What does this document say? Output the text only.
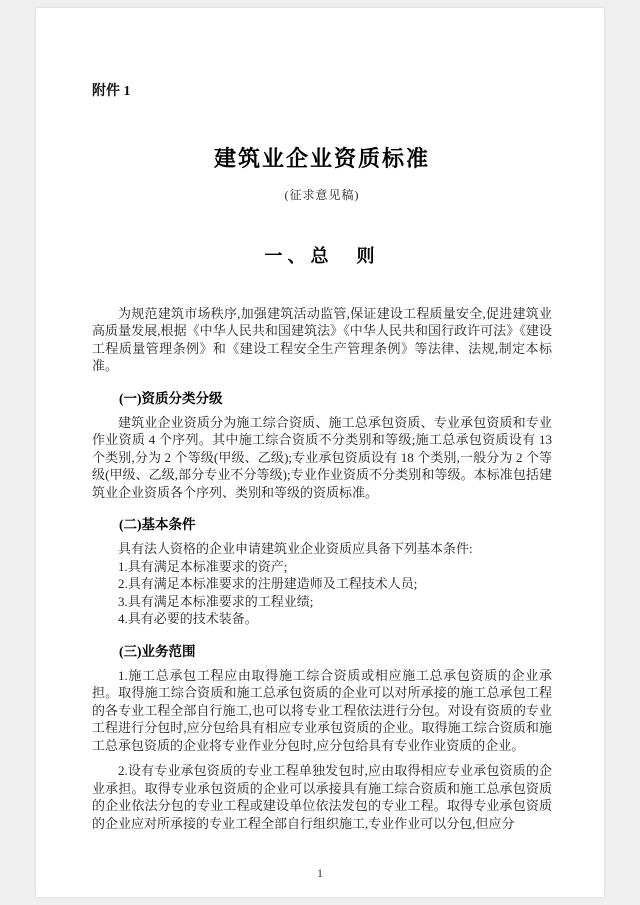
附件 1
建筑业企业资质标准
(征求意见稿)
一、总　则

为规范建筑市场秩序,加强建筑活动监管,保证建设工程质量安全,促进建筑业高质量发展,根据《中华人民共和国建筑法》《中华人民共和国行政许可法》《建设工程质量管理条例》和《建设工程安全生产管理条例》等法律、法规,制定本标准。

(一)资质分类分级

建筑业企业资质分为施工综合资质、施工总承包资质、专业承包资质和专业作业资质 4 个序列。其中施工综合资质不分类别和等级;施工总承包资质设有 13 个类别,分为 2 个等级(甲级、乙级);专业承包资质设有 18 个类别,一般分为 2 个等级(甲级、乙级,部分专业不分等级);专业作业资质不分类别和等级。本标准包括建筑业企业资质各个序列、类别和等级的资质标准。

(二)基本条件

具有法人资格的企业申请建筑业企业资质应具备下列基本条件:

1.具有满足本标准要求的资产;

2.具有满足本标准要求的注册建造师及工程技术人员;

3.具有满足本标准要求的工程业绩;

4.具有必要的技术装备。

(三)业务范围

1.施工总承包工程应由取得施工综合资质或相应施工总承包资质的企业承担。取得施工综合资质和施工总承包资质的企业可以对所承接的施工总承包工程的各专业工程全部自行施工,也可以将专业工程依法进行分包。对设有资质的专业工程进行分包时,应分包给具有相应专业承包资质的企业。取得施工综合资质和施工总承包资质的企业将专业作业分包时,应分包给具有专业作业资质的企业。

2.设有专业承包资质的专业工程单独发包时,应由取得相应专业承包资质的企业承担。取得专业承包资质的企业可以承接具有施工综合资质和施工总承包资质的企业依法分包的专业工程或建设单位依法发包的专业工程。取得专业承包资质的企业应对所承接的专业工程全部自行组织施工,专业作业可以分包,但应分

1
